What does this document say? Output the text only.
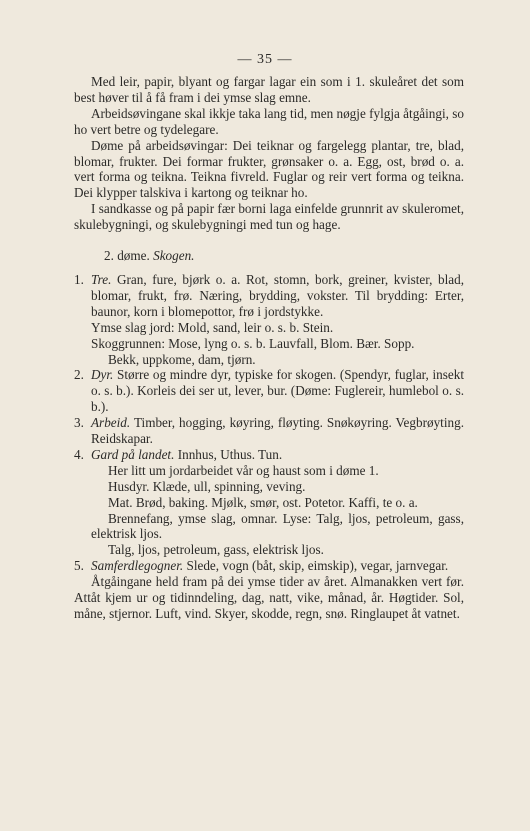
— 35 —

Med leir, papir, blyant og fargar lagar ein som i 1. skuleåret det som best høver til å få fram i dei ymse slag emne.

Arbeidsøvingane skal ikkje taka lang tid, men nøgje fylgja åtgåingi, so ho vert betre og tydelegare.

Døme på arbeidsøvingar: Dei teiknar og fargelegg plantar, tre, blad, blomar, frukter. Dei formar frukter, grønsaker o. a. Egg, ost, brød o. a. vert forma og teikna. Teikna fivreld. Fuglar og reir vert forma og teikna. Dei klypper talskiva i kartong og teiknar ho.

I sandkasse og på papir fær borni laga einfelde grunnrit av skuleromet, skulebygningi, og skulebygningi med tun og hage.

2. døme. Skogen.
1. Tre. Gran, fure, bjørk o. a. Rot, stomn, bork, greiner, kvister, blad, blomar, frukt, frø. Næring, brydding, vokster. Til brydding: Erter, baunor, korn i blomepottor, frø i jordstykke.
Ymse slag jord: Mold, sand, leir o. s. b. Stein.
Skoggrunnen: Mose, lyng o. s. b. Lauvfall, Blom. Bær. Sopp.
Bekk, uppkome, dam, tjørn.
2. Dyr. Større og mindre dyr, typiske for skogen. (Spendyr, fuglar, insekt o. s. b.). Korleis dei ser ut, lever, bur. (Døme: Fuglereir, humlebol o. s. b.).
3. Arbeid. Timber, hogging, køyring, fløyting. Snøkøyring. Vegbrøyting. Reidskapar.
4. Gard på landet. Innhus, Uthus. Tun.
Her litt um jordarbeidet vår og haust som i døme 1.
Husdyr. Klæde, ull, spinning, veving.
Mat. Brød, baking. Mjølk, smør, ost. Potetor. Kaffi, te o. a.
Brennefang, ymse slag, omnar. Lyse: Talg, ljos, petroleum, gass, elektrisk ljos.
Talg, ljos, petroleum, gass, elektrisk ljos.
5. Samferdlegogner. Slede, vogn (båt, skip, eimskip), vegar, jarnvegar.

Åtgåingane held fram på dei ymse tider av året. Almanakken vert før. Attåt kjem ur og tidinndeling, dag, natt, vike, månad, år. Høgtider. Sol, måne, stjernor. Luft, vind. Skyer, skodde, regn, snø. Ringlaupet åt vatnet.
